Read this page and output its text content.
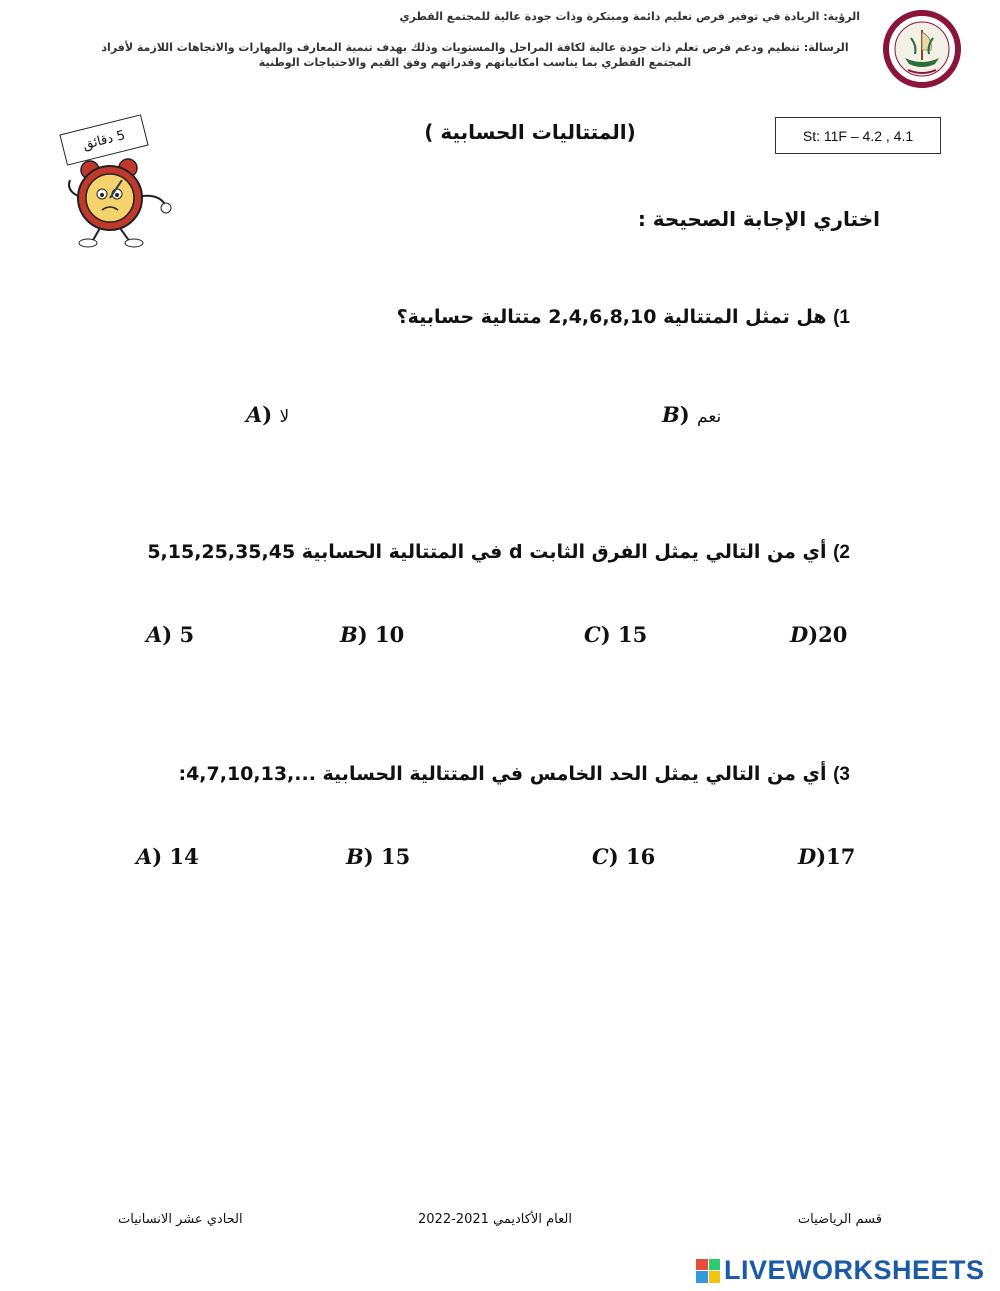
الرؤية: الريادة في توفير فرص تعليم دائمة ومبتكرة وذات جودة عالية للمجتمع القطري
الرسالة: تنظيم ودعم فرص تعلم ذات جودة عالية لكافة المراحل والمستويات وذلك بهدف تنمية المعارف والمهارات والاتجاهات اللازمة لأفراد المجتمع القطري بما يناسب امكانياتهم وقدراتهم وفق القيم والاحتياجات الوطنية
(المتتاليات الحسابية )	St: 11F – 4.2 , 4.1
5 دقائق
اختاري الإجابة الصحيحة :
1) هل تمثل المتتالية 2,4,6,8,10 متتالية حسابية؟
B) نعم
A) لا
2) أي من التالي يمثل الفرق الثابت d في المتتالية الحسابية 5,15,25,35,45
A) 5	B) 10	C) 15	D)20
3) أي من التالي يمثل الحد الخامس في المتتالية الحسابية ...,4,7,10,13:
A) 14	B) 15	C) 16	D)17
قسم الرياضيات
العام الأكاديمي 2021-2022
الحادي عشر الانسانيات
LIVEWORKSHEETS
